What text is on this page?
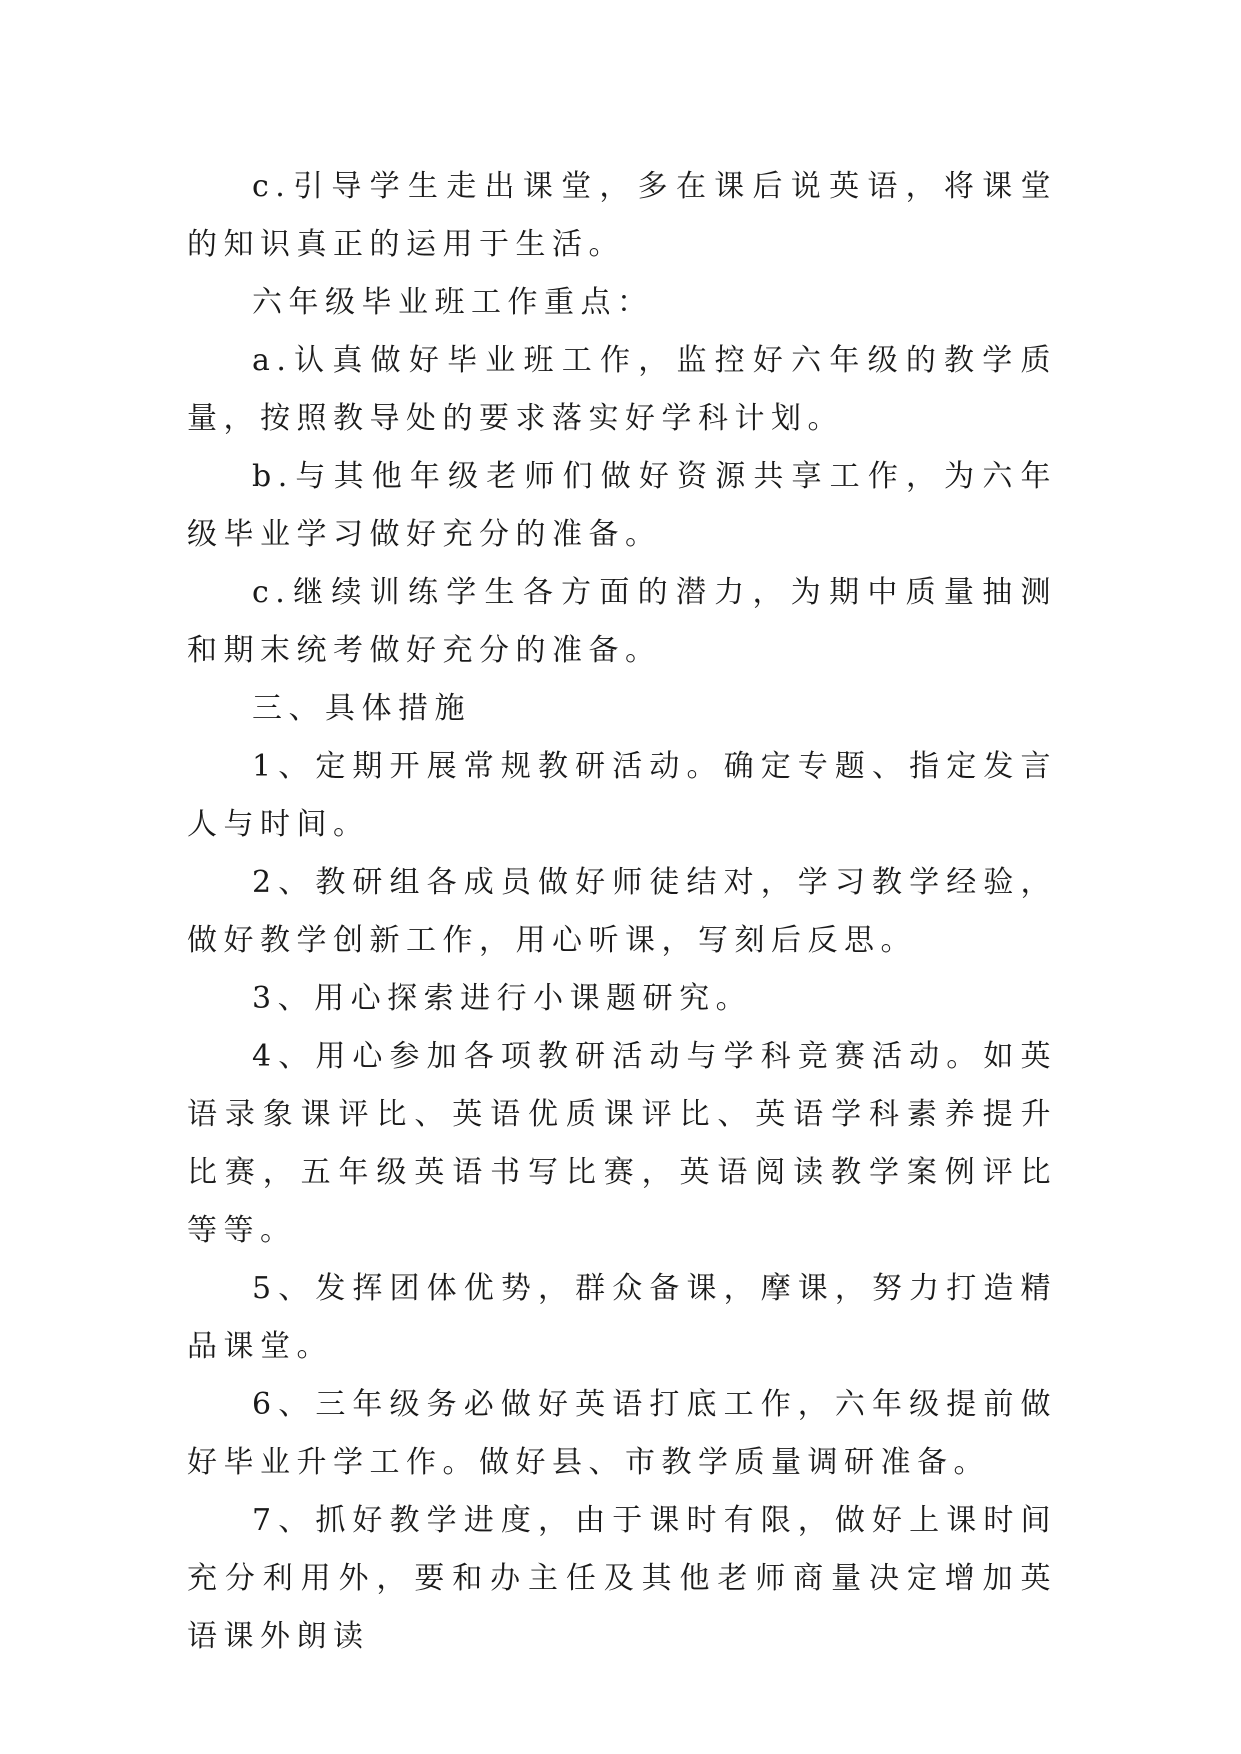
c.引导学生走出课堂，多在课后说英语，将课堂的知识真正的运用于生活。

六年级毕业班工作重点：

a.认真做好毕业班工作，监控好六年级的教学质量，按照教导处的要求落实好学科计划。

b.与其他年级老师们做好资源共享工作，为六年级毕业学习做好充分的准备。

c.继续训练学生各方面的潜力，为期中质量抽测和期末统考做好充分的准备。

三、具体措施

1、定期开展常规教研活动。确定专题、指定发言人与时间。

2、教研组各成员做好师徒结对，学习教学经验，做好教学创新工作，用心听课，写刻后反思。

3、用心探索进行小课题研究。

4、用心参加各项教研活动与学科竞赛活动。如英语录象课评比、英语优质课评比、英语学科素养提升比赛，五年级英语书写比赛，英语阅读教学案例评比等等。

5、发挥团体优势，群众备课，摩课，努力打造精品课堂。

6、三年级务必做好英语打底工作，六年级提前做好毕业升学工作。做好县、市教学质量调研准备。

7、抓好教学进度，由于课时有限，做好上课时间充分利用外，要和办主任及其他老师商量决定增加英语课外朗读
